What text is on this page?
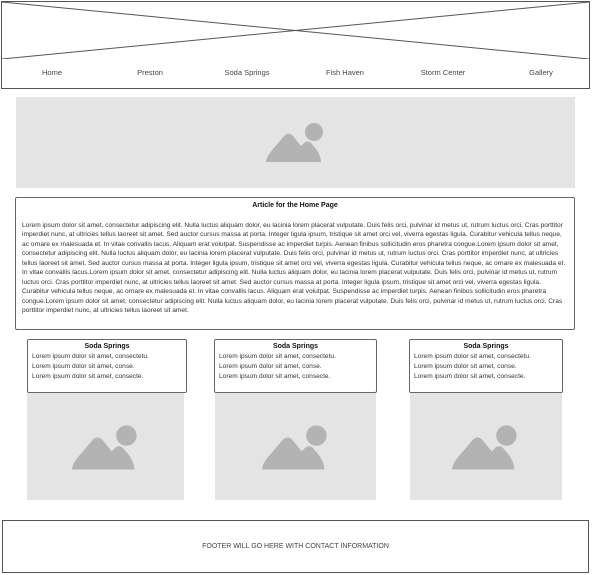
Home	Preston	Soda Springs	Fish Haven	Storm Center	Gallery
Article for the Home Page
Lorem ipsum dolor sit amet, consectetur adipiscing elit. Nulla luctus aliquam dolor, eu lacinia lorem placerat vulputate. Duis felis orci, pulvinar id metus ut, rutrum luctus orci. Cras porttitor imperdiet nunc, at ultricies tellus laoreet sit amet. Sed auctor cursus massa at porta. Integer ligula ipsum, tristique sit amet orci vel, viverra egestas ligula. Curabitur vehicula tellus neque, ac ornare ex malesuada et. In vitae convallis lacus. Aliquam erat volutpat. Suspendisse ac imperdiet turpis. Aenean finibus sollicitudin eros pharetra congue.Lorem ipsum dolor sit amet, consectetur adipiscing elit. Nulla luctus aliquam dolor, eu lacinia lorem placerat vulputate. Duis felis orci, pulvinar id metus ut, rutrum luctus orci. Cras porttitor imperdiet nunc, at ultricies tellus laoreet sit amet. Sed auctor cursus massa at porta. Integer ligula ipsum, tristique sit amet orci vel, viverra egestas ligula. Curabitur vehicula tellus neque, ac ornare ex malesuada et. In vitae convallis lacus.Lorem ipsum dolor sit amet, consectetur adipiscing elit. Nulla luctus aliquam dolor, eu lacinia lorem placerat vulputate. Duis felis orci, pulvinar id metus ut, rutrum luctus orci. Cras porttitor imperdiet nunc, at ultricies tellus laoreet sit amet. Sed auctor cursus massa at porta. Integer ligula ipsum, tristique sit amet orci vel, viverra egestas ligula. Curabitur vehicula tellus neque, ac ornare ex malesuada et. In vitae convallis lacus. Aliquam erat volutpat. Suspendisse ac imperdiet turpis. Aenean finibus sollicitudin eros pharetra congue.Lorem ipsum dolor sit amet, consectetur adipiscing elit. Nulla luctus aliquam dolor, eu lacinia lorem placerat vulputate. Duis felis orci, pulvinar id metus ut, rutrum luctus orci. Cras porttitor imperdiet nunc, at ultricies tellus laoreet sit amet.
Soda Springs
Lorem ipsum dolor sit amet, consectetu.
Lorem ipsum dolor sit amet, conse.
Lorem ipsum dolor sit amet, consecte.
Soda Springs
Lorem ipsum dolor sit amet, consectetu.
Lorem ipsum dolor sit amet, conse.
Lorem ipsum dolor sit amet, consecte.
Soda Springs
Lorem ipsum dolor sit amet, consectetu.
Lorem ipsum dolor sit amet, conse.
Lorem ipsum dolor sit amet, consecte.
FOOTER WILL GO HERE WITH CONTACT INFORMATION
